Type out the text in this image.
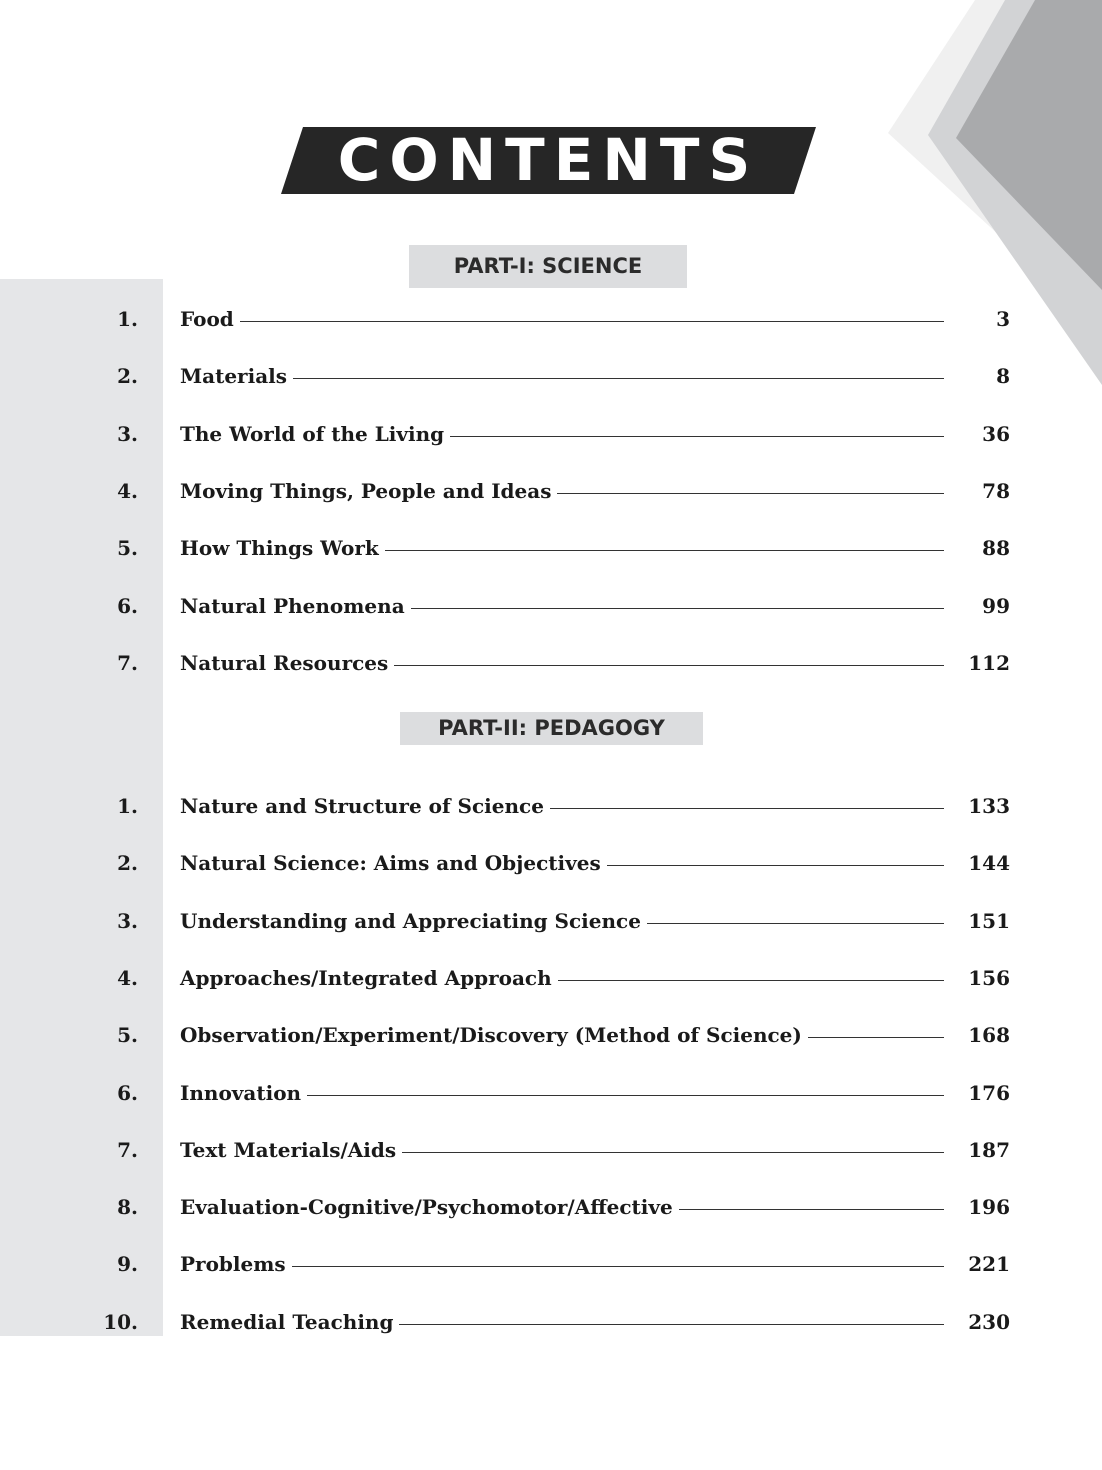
CONTENTS
PART-I: SCIENCE
PART-II: PEDAGOGY
1. Food	3
2. Materials	8
3. The World of the Living	36
4. Moving Things, People and Ideas	78
5. How Things Work	88
6. Natural Phenomena	99
7. Natural Resources	112
1. Nature and Structure of Science	133
2. Natural Science: Aims and Objectives	144
3. Understanding and Appreciating Science	151
4. Approaches/Integrated Approach	156
5. Observation/Experiment/Discovery (Method of Science)	168
6. Innovation	176
7. Text Materials/Aids	187
8. Evaluation-Cognitive/Psychomotor/Affective	196
9. Problems	221
10. Remedial Teaching	230
